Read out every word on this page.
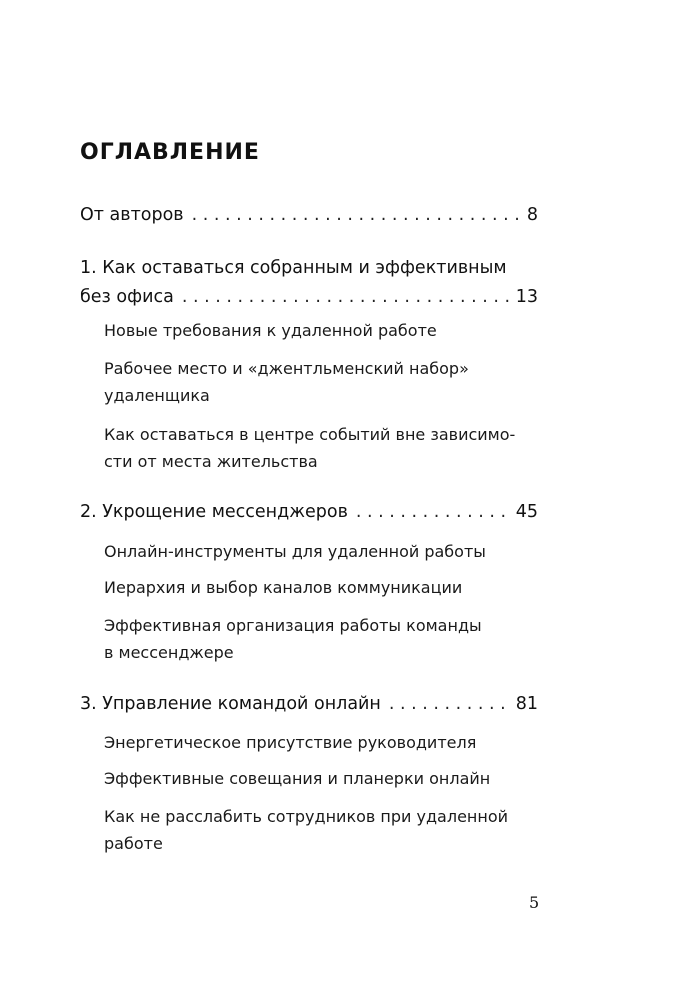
ОГЛАВЛЕНИЕ
От авторов . . .	8
1. Как оставаться собранным и эффективным
без офиса . . .	13
Новые требования к удаленной работе
Рабочее место и «джентльменский набор»
удаленщика
Как оставаться в центре событий вне зависимо-
сти от места жительства
2. Укрощение мессенджеров . . .	45
Онлайн-инструменты для удаленной работы
Иерархия и выбор каналов коммуникации
Эффективная организация работы команды
в мессенджере
3. Управление командой онлайн . . .	81
Энергетическое присутствие руководителя
Эффективные совещания и планерки онлайн
Как не расслабить сотрудников при удаленной
работе
5
